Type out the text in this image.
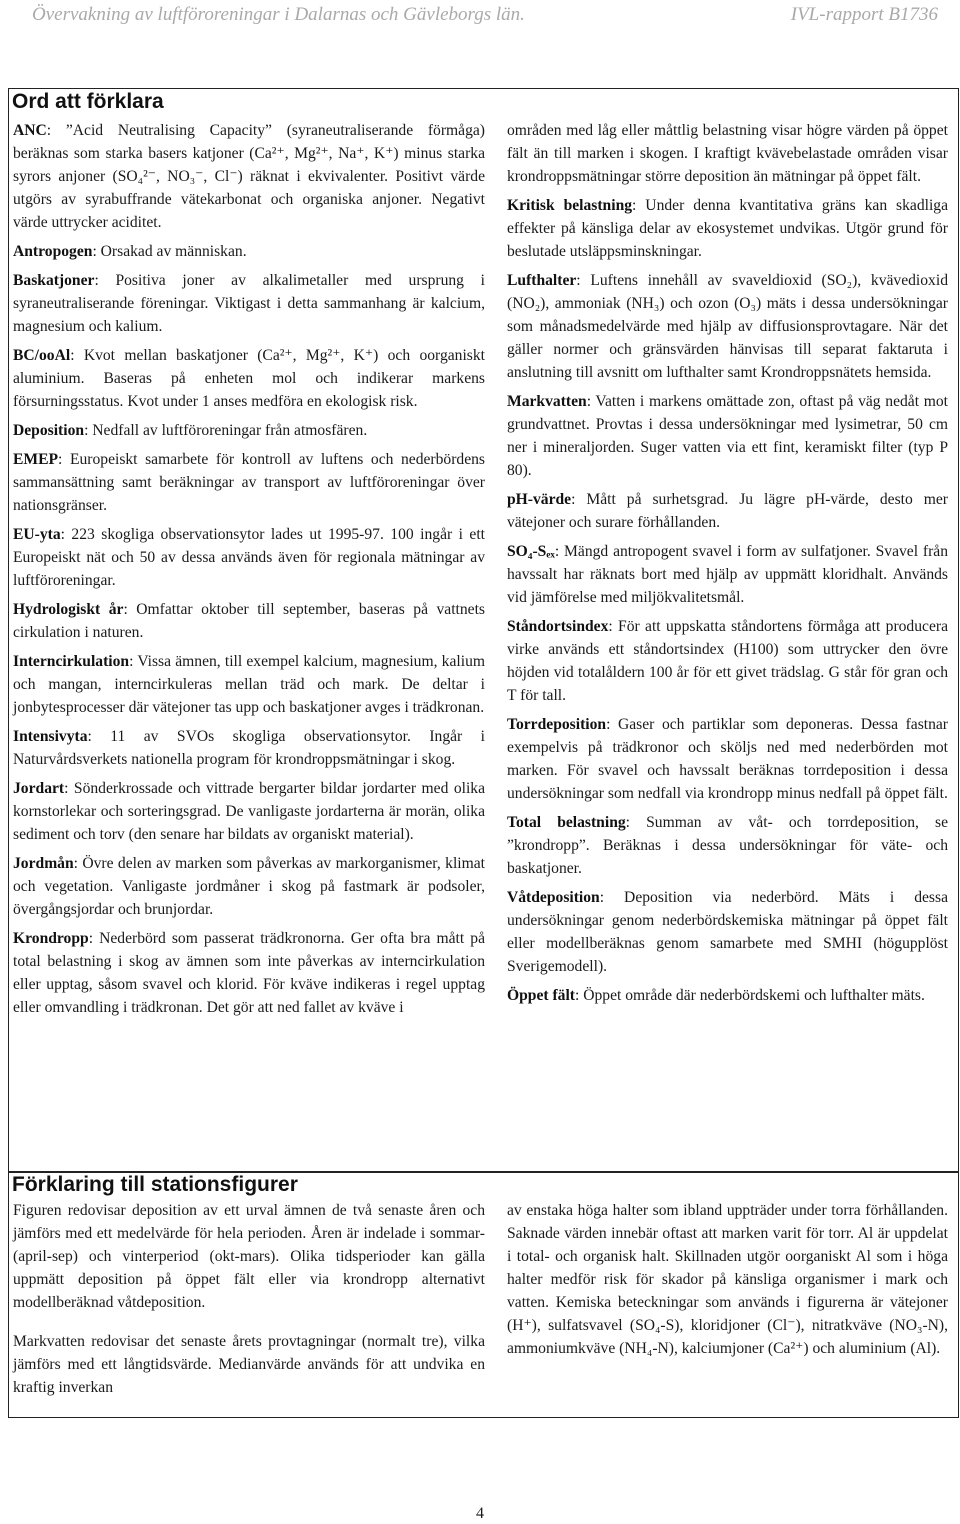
Övervakning av luftföroreningar i Dalarnas och Gävleborgs län.	IVL-rapport B1736
Ord att förklara

ANC: ”Acid Neutralising Capacity” (syraneutraliserande förmåga) beräknas som starka basers katjoner (Ca²⁺, Mg²⁺, Na⁺, K⁺) minus starka syrors anjoner (SO₄²⁻, NO₃⁻, Cl⁻) räknat i ekvivalenter. Positivt värde utgörs av syrabuffrande vätekarbonat och organiska anjoner. Negativt värde uttrycker aciditet.

Antropogen: Orsakad av människan.

Baskatjoner: Positiva joner av alkalimetaller med ursprung i syraneutraliserande föreningar. Viktigast i detta sammanhang är kalcium, magnesium och kalium.

BC/ooAl: Kvot mellan baskatjoner (Ca²⁺, Mg²⁺, K⁺) och oorganiskt aluminium. Baseras på enheten mol och indikerar markens försurningsstatus. Kvot under 1 anses medföra en ekologisk risk.

Deposition: Nedfall av luftföroreningar från atmosfären.

EMEP: Europeiskt samarbete för kontroll av luftens och nederbördens sammansättning samt beräkningar av transport av luftföroreningar över nationsgränser.

EU-yta: 223 skogliga observationsytor lades ut 1995-97. 100 ingår i ett Europeiskt nät och 50 av dessa används även för regionala mätningar av luftföroreningar.

Hydrologiskt år: Omfattar oktober till september, baseras på vattnets cirkulation i naturen.

Interncirkulation: Vissa ämnen, till exempel kalcium, magnesium, kalium och mangan, interncirkuleras mellan träd och mark. De deltar i jonbytesprocesser där vätejoner tas upp och baskatjoner avges i trädkronan.

Intensivyta: 11 av SVOs skogliga observationsytor. Ingår i Naturvårdsverkets nationella program för krondroppsmätningar i skog.

Jordart: Sönderkrossade och vittrade bergarter bildar jordarter med olika kornstorlekar och sorteringsgrad. De vanligaste jordarterna är morän, olika sediment och torv (den senare har bildats av organiskt material).

Jordmån: Övre delen av marken som påverkas av markorganismer, klimat och vegetation. Vanligaste jordmåner i skog på fastmark är podsoler, övergångsjordar och brunjordar.

Krondropp: Nederbörd som passerat trädkronorna. Ger ofta bra mått på total belastning i skog av ämnen som inte påverkas av interncirkulation eller upptag, såsom svavel och klorid. För kväve indikeras i regel upptag eller omvandling i trädkronan. Det gör att ned fallet av kväve i

områden med låg eller måttlig belastning visar högre värden på öppet fält än till marken i skogen. I kraftigt kvävebelastade områden visar krondroppsmätningar större deposition än mätningar på öppet fält.

Kritisk belastning: Under denna kvantitativa gräns kan skadliga effekter på känsliga delar av ekosystemet undvikas. Utgör grund för beslutade utsläppsminskningar.

Lufthalter: Luftens innehåll av svaveldioxid (SO₂), kvävedioxid (NO₂), ammoniak (NH₃) och ozon (O₃) mäts i dessa undersökningar som månadsmedelvärde med hjälp av diffusionsprovtagare. När det gäller normer och gränsvärden hänvisas till separat faktaruta i anslutning till avsnitt om lufthalter samt Krondroppsnätets hemsida.

Markvatten: Vatten i markens omättade zon, oftast på väg nedåt mot grundvattnet. Provtas i dessa undersökningar med lysimetrar, 50 cm ner i mineraljorden. Suger vatten via ett fint, keramiskt filter (typ P 80).

pH-värde: Mått på surhetsgrad. Ju lägre pH-värde, desto mer vätejoner och surare förhållanden.

SO₄-Sₑₓ: Mängd antropogent svavel i form av sulfatjoner. Svavel från havssalt har räknats bort med hjälp av uppmätt kloridhalt. Används vid jämförelse med miljökvalitetsmål.

Ståndortsindex: För att uppskatta ståndortens förmåga att producera virke används ett ståndortsindex (H100) som uttrycker den övre höjden vid totalåldern 100 år för ett givet trädslag. G står för gran och T för tall.

Torrdeposition: Gaser och partiklar som deponeras. Dessa fastnar exempelvis på trädkronor och sköljs ned med nederbörden mot marken. För svavel och havssalt beräknas torrdeposition i dessa undersökningar som nedfall via krondropp minus nedfall på öppet fält.

Total belastning: Summan av våt- och torrdeposition, se ”krondropp”. Beräknas i dessa undersökningar för väte- och baskatjoner.

Våtdeposition: Deposition via nederbörd. Mäts i dessa undersökningar genom nederbördskemiska mätningar på öppet fält eller modellberäknas genom samarbete med SMHI (högupplöst Sverigemodell).

Öppet fält: Öppet område där nederbördskemi och lufthalter mäts.

Förklaring till stationsfigurer

Figuren redovisar deposition av ett urval ämnen de två senaste åren och jämförs med ett medelvärde för hela perioden. Åren är indelade i sommar- (april-sep) och vinterperiod (okt-mars). Olika tidsperioder kan gälla uppmätt deposition på öppet fält eller via krondropp alternativt modellberäknad våtdeposition.

Markvatten redovisar det senaste årets provtagningar (normalt tre), vilka jämförs med ett långtidsvärde. Medianvärde används för att undvika en kraftig inverkan

av enstaka höga halter som ibland uppträder under torra förhållanden. Saknade värden innebär oftast att marken varit för torr. Al är uppdelat i total- och organisk halt. Skillnaden utgör oorganiskt Al som i höga halter medför risk för skador på känsliga organismer i mark och vatten. Kemiska beteckningar som används i figurerna är vätejoner (H⁺), sulfatsvavel (SO₄-S), kloridjoner (Cl⁻), nitratkväve (NO₃-N), ammoniumkväve (NH₄-N), kalciumjoner (Ca²⁺) och aluminium (Al).

4
